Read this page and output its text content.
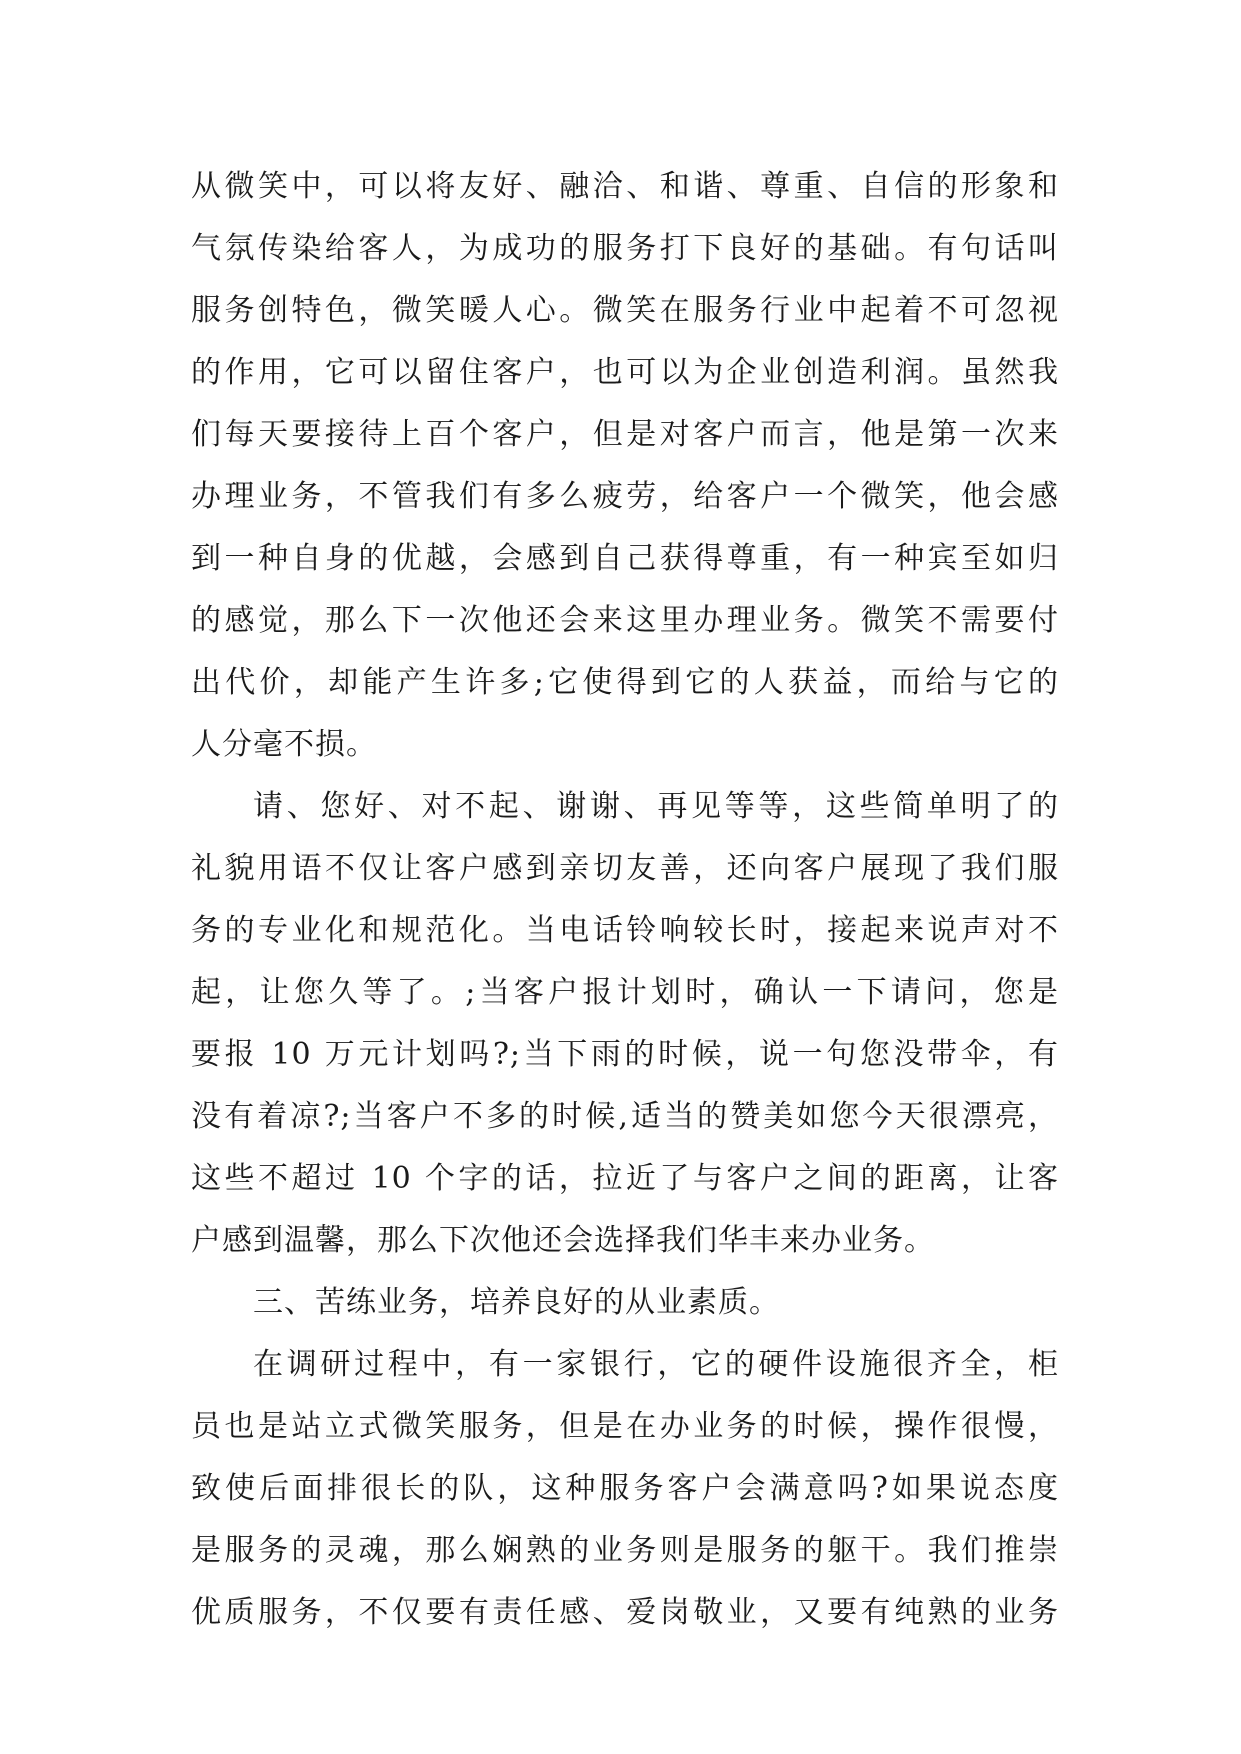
从微笑中，可以将友好、融洽、和谐、尊重、自信的形象和
气氛传染给客人，为成功的服务打下良好的基础。有句话叫
服务创特色，微笑暖人心。微笑在服务行业中起着不可忽视
的作用，它可以留住客户，也可以为企业创造利润。虽然我
们每天要接待上百个客户，但是对客户而言，他是第一次来
办理业务，不管我们有多么疲劳，给客户一个微笑，他会感
到一种自身的优越，会感到自己获得尊重，有一种宾至如归
的感觉，那么下一次他还会来这里办理业务。微笑不需要付
出代价，却能产生许多;它使得到它的人获益，而给与它的
人分毫不损。
请、您好、对不起、谢谢、再见等等，这些简单明了的
礼貌用语不仅让客户感到亲切友善，还向客户展现了我们服
务的专业化和规范化。当电话铃响较长时，接起来说声对不
起，让您久等了。;当客户报计划时，确认一下请问，您是
要报 10 万元计划吗?;当下雨的时候，说一句您没带伞，有
没有着凉?;当客户不多的时候,适当的赞美如您今天很漂亮，
这些不超过 10 个字的话，拉近了与客户之间的距离，让客
户感到温馨，那么下次他还会选择我们华丰来办业务。
三、苦练业务，培养良好的从业素质。
在调研过程中，有一家银行，它的硬件设施很齐全，柜
员也是站立式微笑服务，但是在办业务的时候，操作很慢，
致使后面排很长的队，这种服务客户会满意吗?如果说态度
是服务的灵魂，那么娴熟的业务则是服务的躯干。我们推崇
优质服务，不仅要有责任感、爱岗敬业，又要有纯熟的业务
